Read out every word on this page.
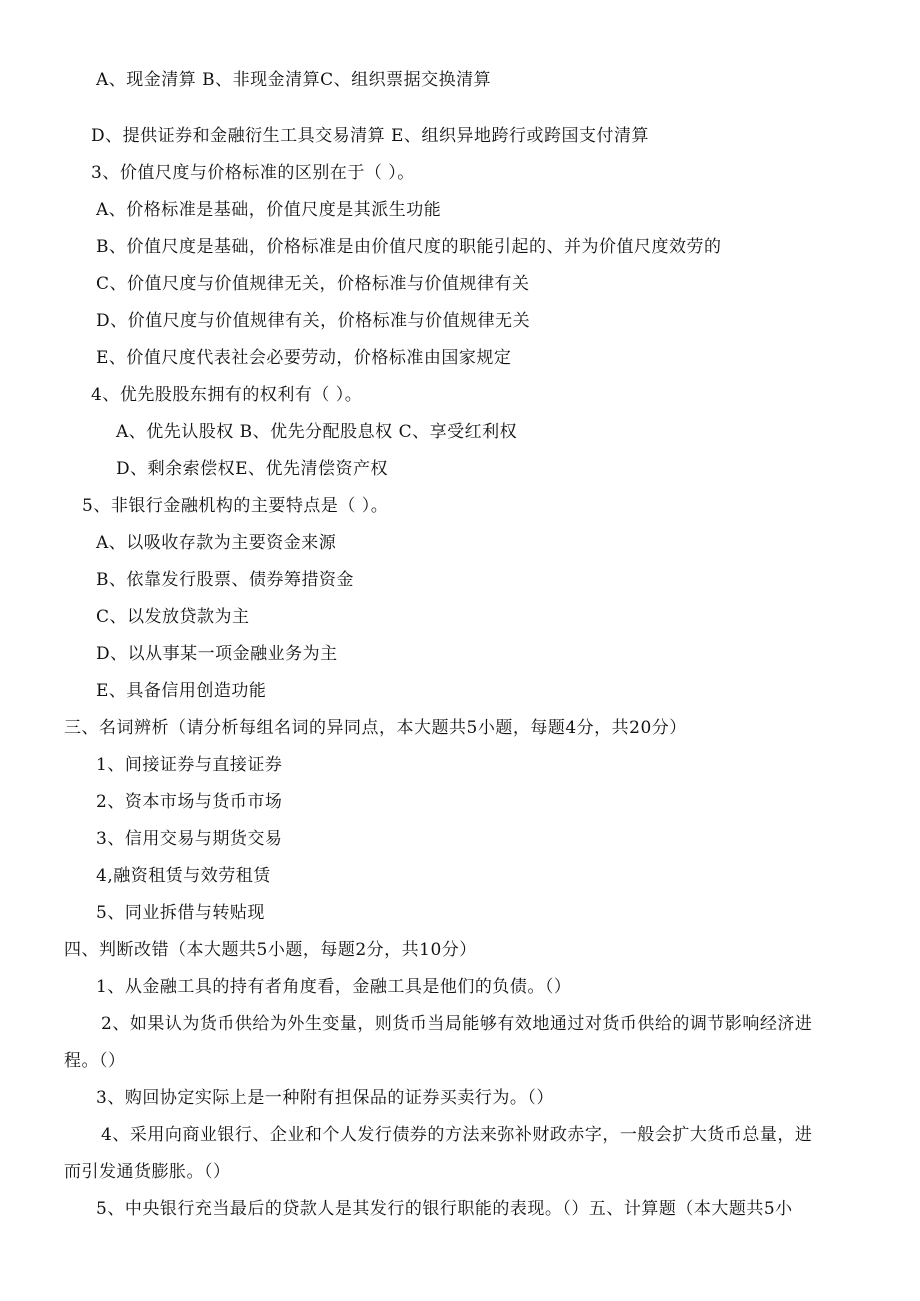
A、现金清算 B、非现金清算C、组织票据交换清算
D、提供证券和金融衍生工具交易清算 E、组织异地跨行或跨国支付清算
3、价值尺度与价格标准的区别在于（ ）。
A、价格标准是基础，价值尺度是其派生功能
B、价值尺度是基础，价格标准是由价值尺度的职能引起的、并为价值尺度效劳的
C、价值尺度与价值规律无关，价格标准与价值规律有关
D、价值尺度与价值规律有关，价格标准与价值规律无关
E、价值尺度代表社会必要劳动，价格标准由国家规定
4、优先股股东拥有的权利有（ ）。
A、优先认股权 B、优先分配股息权 C、享受红利权
D、剩余索偿权E、优先清偿资产权
5、非银行金融机构的主要特点是（ ）。
A、以吸收存款为主要资金来源
B、依靠发行股票、债券筹措资金
C、以发放贷款为主
D、以从事某一项金融业务为主
E、具备信用创造功能
三、名词辨析（请分析每组名词的异同点，本大题共5小题，每题4分，共20分）
1、间接证券与直接证券
2、资本市场与货币市场
3、信用交易与期货交易
4,融资租赁与效劳租赁
5、同业拆借与转贴现
四、判断改错（本大题共5小题，每题2分，共10分）
1、从金融工具的持有者角度看，金融工具是他们的负债。（）
2、如果认为货币供给为外生变量，则货币当局能够有效地通过对货币供给的调节影响经济进
程。（）
3、购回协定实际上是一种附有担保品的证券买卖行为。（）
4、采用向商业银行、企业和个人发行债券的方法来弥补财政赤字，一般会扩大货币总量，进
而引发通货膨胀。（）
5、中央银行充当最后的贷款人是其发行的银行职能的表现。（）五、计算题（本大题共5小
